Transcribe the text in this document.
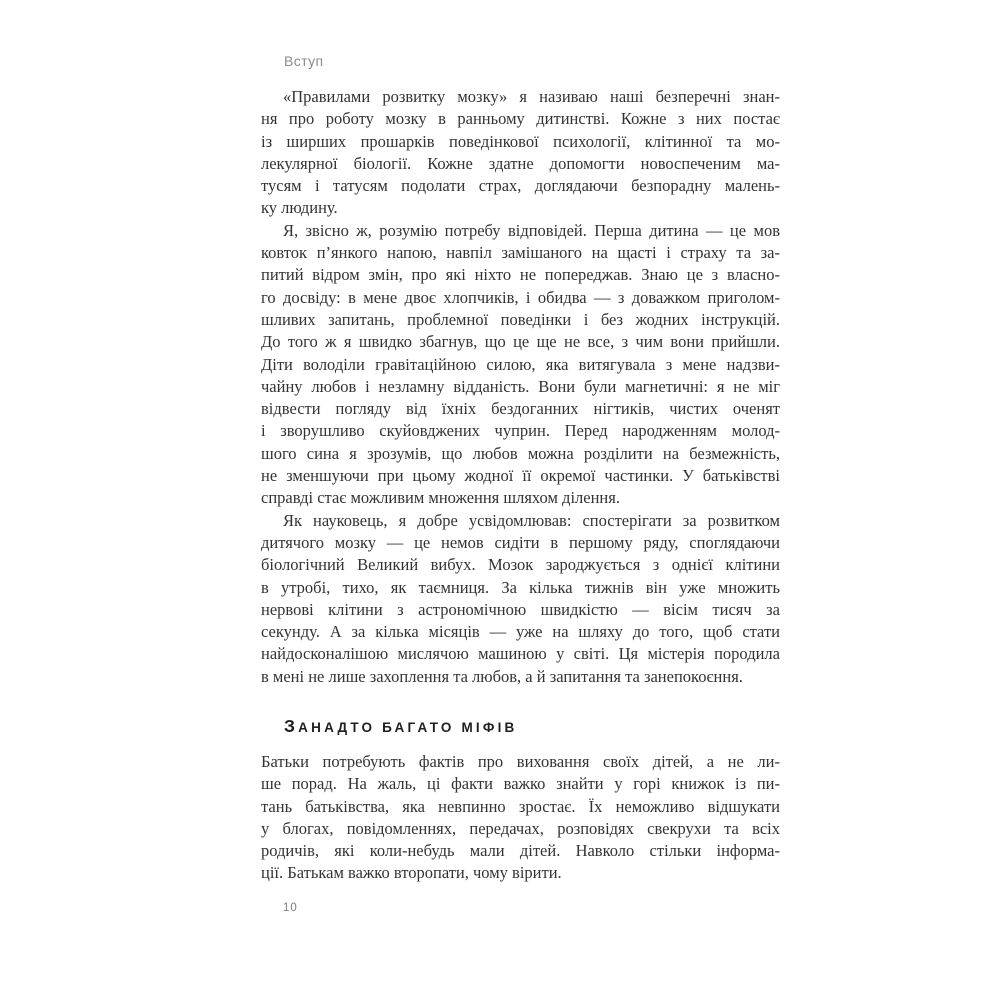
Вступ
«Правилами розвитку мозку» я називаю наші безперечні знан-
ня про роботу мозку в ранньому дитинстві. Кожне з них постає
із ширших прошарків поведінкової психології, клітинної та мо-
лекулярної біології. Кожне здатне допомогти новоспеченим ма-
тусям і татусям подолати страх, доглядаючи безпорадну малень-
ку людину.
Я, звісно ж, розумію потребу відповідей. Перша дитина — це мов
ковток п’янкого напою, навпіл замішаного на щасті і страху та за-
питий відром змін, про які ніхто не попереджав. Знаю це з власно-
го досвіду: в мене двоє хлопчиків, і обидва — з доважком приголом-
шливих запитань, проблемної поведінки і без жодних інструкцій.
До того ж я швидко збагнув, що це ще не все, з чим вони прийшли.
Діти володіли гравітаційною силою, яка витягувала з мене надзви-
чайну любов і незламну відданість. Вони були магнетичні: я не міг
відвести погляду від їхніх бездоганних нігтиків, чистих оченят
і зворушливо скуйовджених чуприн. Перед народженням молод-
шого сина я зрозумів, що любов можна розділити на безмежність,
не зменшуючи при цьому жодної її окремої частинки. У батьківстві
справді стає можливим множення шляхом ділення.
Як науковець, я добре усвідомлював: спостерігати за розвитком
дитячого мозку — це немов сидіти в першому ряду, споглядаючи
біологічний Великий вибух. Мозок зароджується з однієї клітини
в утробі, тихо, як таємниця. За кілька тижнів він уже множить
нервові клітини з астрономічною швидкістю — вісім тисяч за
секунду. А за кілька місяців — уже на шляху до того, щоб стати
найдосконалішою мислячою машиною у світі. Ця містерія породила
в мені не лише захоплення та любов, а й запитання та занепокоєння.
ЗАНАДТО БАГАТО МІФІВ
Батьки потребують фактів про виховання своїх дітей, а не ли-
ше порад. На жаль, ці факти важко знайти у горі книжок із пи-
тань батьківства, яка невпинно зростає. Їх неможливо відшукати
у блогах, повідомленнях, передачах, розповідях свекрухи та всіх
родичів, які коли-небудь мали дітей. Навколо стільки інформа-
ції. Батькам важко второпати, чому вірити.
10
